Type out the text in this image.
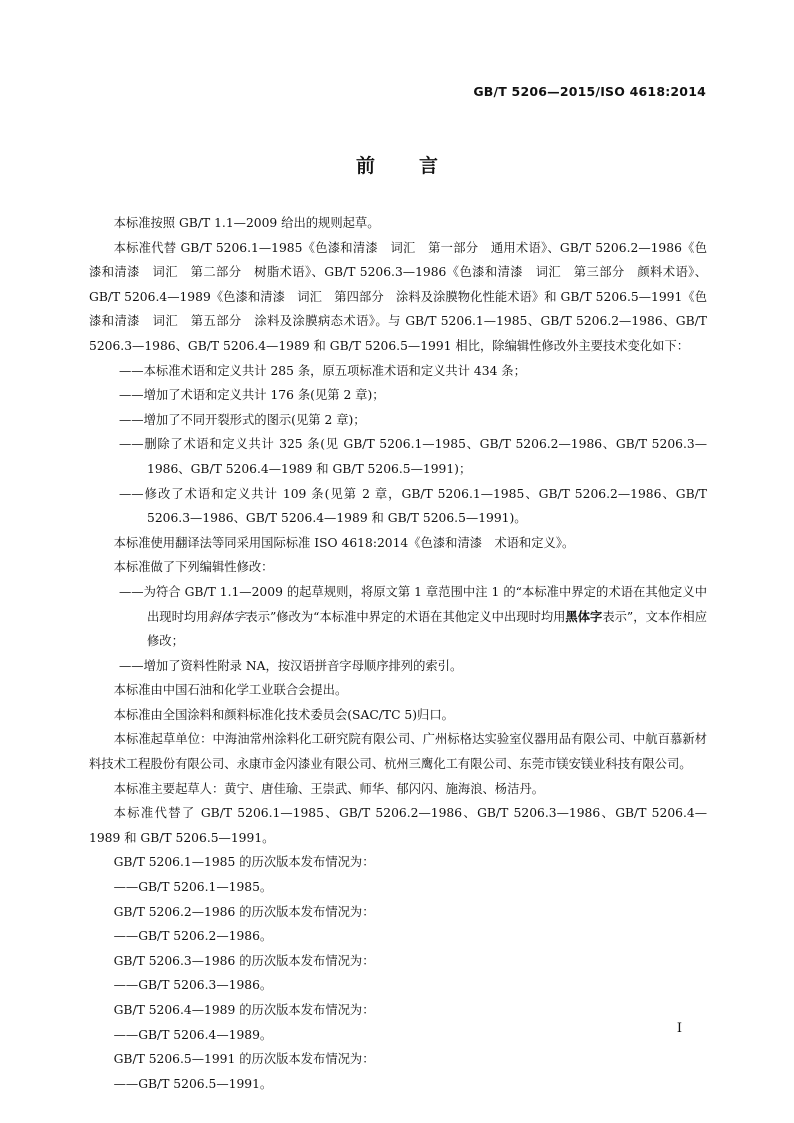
GB/T 5206—2015/ISO 4618:2014
前言

本标准按照 GB/T 1.1—2009 给出的规则起草。

本标准代替 GB/T 5206.1—1985《色漆和清漆　词汇　第一部分　通用术语》、GB/T 5206.2—1986《色漆和清漆　词汇　第二部分　树脂术语》、GB/T 5206.3—1986《色漆和清漆　词汇　第三部分　颜料术语》、GB/T 5206.4—1989《色漆和清漆　词汇　第四部分　涂料及涂膜物化性能术语》和 GB/T 5206.5—1991《色漆和清漆　词汇　第五部分　涂料及涂膜病态术语》。与 GB/T 5206.1—1985、GB/T 5206.2—1986、GB/T 5206.3—1986、GB/T 5206.4—1989 和 GB/T 5206.5—1991 相比，除编辑性修改外主要技术变化如下：

——本标准术语和定义共计 285 条，原五项标准术语和定义共计 434 条；

——增加了术语和定义共计 176 条(见第 2 章)；

——增加了不同开裂形式的图示(见第 2 章)；

——删除了术语和定义共计 325 条(见 GB/T 5206.1—1985、GB/T 5206.2—1986、GB/T 5206.3—1986、GB/T 5206.4—1989 和 GB/T 5206.5—1991)；

——修改了术语和定义共计 109 条(见第 2 章，GB/T 5206.1—1985、GB/T 5206.2—1986、GB/T 5206.3—1986、GB/T 5206.4—1989 和 GB/T 5206.5—1991)。

本标准使用翻译法等同采用国际标准 ISO 4618:2014《色漆和清漆　术语和定义》。

本标准做了下列编辑性修改：

——为符合 GB/T 1.1—2009 的起草规则，将原文第 1 章范围中注 1 的“本标准中界定的术语在其他定义中出现时均用斜体字表示”修改为“本标准中界定的术语在其他定义中出现时均用黑体字表示”，文本作相应修改；

——增加了资料性附录 NA，按汉语拼音字母顺序排列的索引。

本标准由中国石油和化学工业联合会提出。

本标准由全国涂料和颜料标准化技术委员会(SAC/TC 5)归口。

本标准起草单位：中海油常州涂料化工研究院有限公司、广州标格达实验室仪器用品有限公司、中航百慕新材料技术工程股份有限公司、永康市金闪漆业有限公司、杭州三鹰化工有限公司、东莞市镁安镁业科技有限公司。

本标准主要起草人：黄宁、唐佳瑜、王崇武、师华、郁闪闪、施海浪、杨洁丹。

本标准代替了 GB/T 5206.1—1985、GB/T 5206.2—1986、GB/T 5206.3—1986、GB/T 5206.4—1989 和 GB/T 5206.5—1991。

GB/T 5206.1—1985 的历次版本发布情况为：

——GB/T 5206.1—1985。

GB/T 5206.2—1986 的历次版本发布情况为：

——GB/T 5206.2—1986。

GB/T 5206.3—1986 的历次版本发布情况为：

——GB/T 5206.3—1986。

GB/T 5206.4—1989 的历次版本发布情况为：

——GB/T 5206.4—1989。

GB/T 5206.5—1991 的历次版本发布情况为：

——GB/T 5206.5—1991。

I
